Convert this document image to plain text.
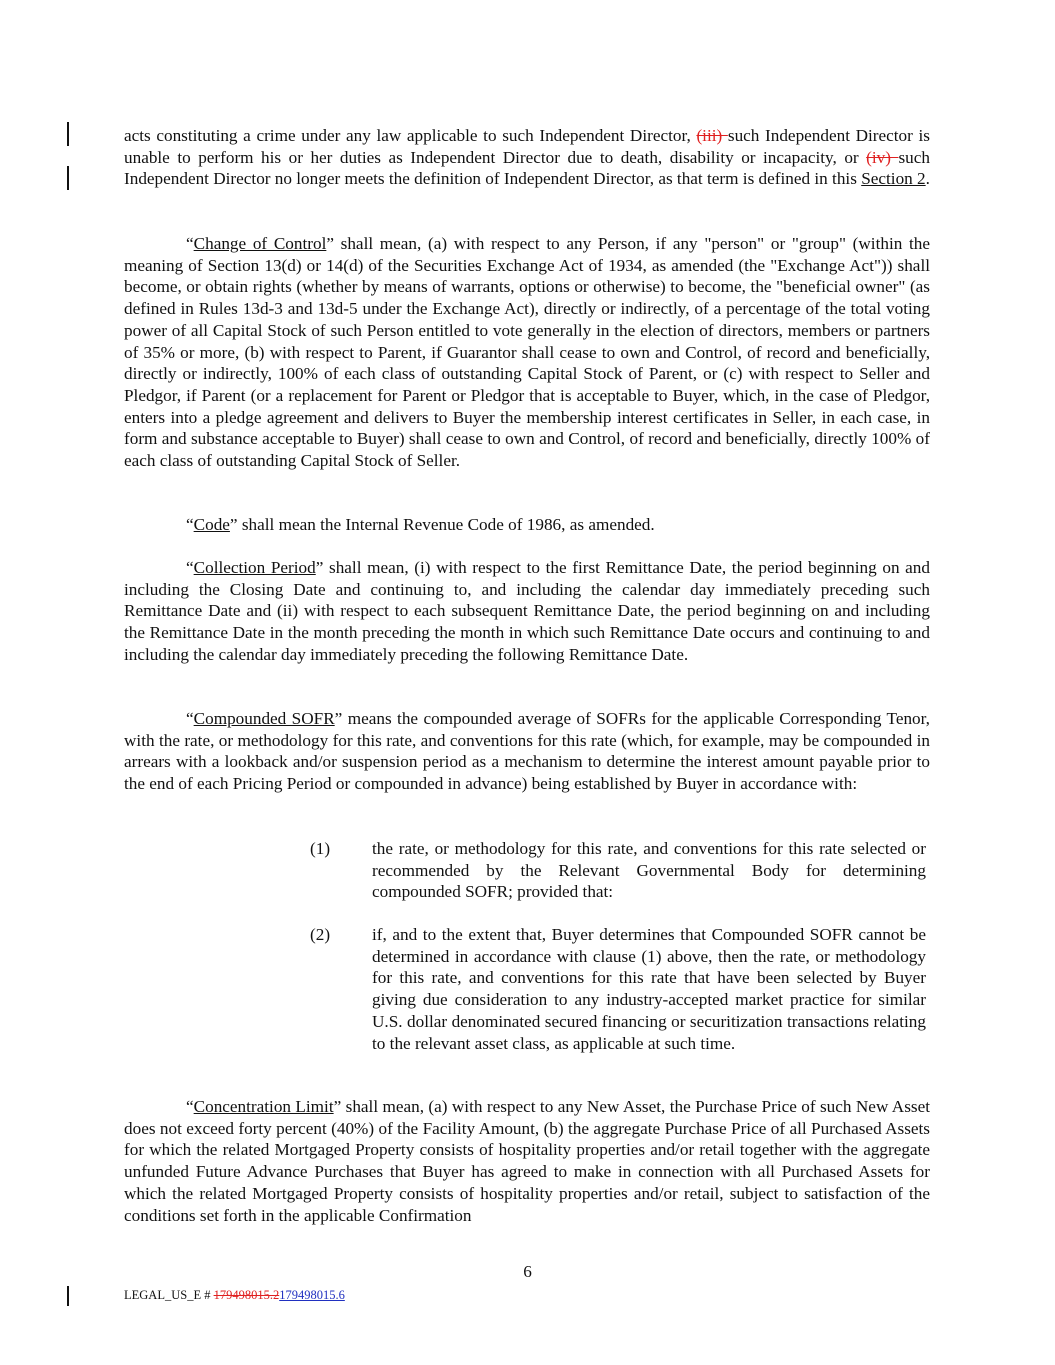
acts constituting a crime under any law applicable to such Independent Director, (iii) such Independent Director is unable to perform his or her duties as Independent Director due to death, disability or incapacity, or (iv) such Independent Director no longer meets the definition of Independent Director, as that term is defined in this Section 2.

“Change of Control” shall mean, (a) with respect to any Person, if any "person" or "group" (within the meaning of Section 13(d) or 14(d) of the Securities Exchange Act of 1934, as amended (the "Exchange Act")) shall become, or obtain rights (whether by means of warrants, options or otherwise) to become, the "beneficial owner" (as defined in Rules 13d-3 and 13d-5 under the Exchange Act), directly or indirectly, of a percentage of the total voting power of all Capital Stock of such Person entitled to vote generally in the election of directors, members or partners of 35% or more, (b) with respect to Parent, if Guarantor shall cease to own and Control, of record and beneficially, directly or indirectly, 100% of each class of outstanding Capital Stock of Parent, or (c) with respect to Seller and Pledgor, if Parent (or a replacement for Parent or Pledgor that is acceptable to Buyer, which, in the case of Pledgor, enters into a pledge agreement and delivers to Buyer the membership interest certificates in Seller, in each case, in form and substance acceptable to Buyer) shall cease to own and Control, of record and beneficially, directly 100% of each class of outstanding Capital Stock of Seller.

“Code” shall mean the Internal Revenue Code of 1986, as amended.

“Collection Period” shall mean, (i) with respect to the first Remittance Date, the period beginning on and including the Closing Date and continuing to, and including the calendar day immediately preceding such Remittance Date and (ii) with respect to each subsequent Remittance Date, the period beginning on and including the Remittance Date in the month preceding the month in which such Remittance Date occurs and continuing to and including the calendar day immediately preceding the following Remittance Date.

“Compounded SOFR” means the compounded average of SOFRs for the applicable Corresponding Tenor, with the rate, or methodology for this rate, and conventions for this rate (which, for example, may be compounded in arrears with a lookback and/or suspension period as a mechanism to determine the interest amount payable prior to the end of each Pricing Period or compounded in advance) being established by Buyer in accordance with:

(1) the rate, or methodology for this rate, and conventions for this rate selected or recommended by the Relevant Governmental Body for determining compounded SOFR; provided that:

(2) if, and to the extent that, Buyer determines that Compounded SOFR cannot be determined in accordance with clause (1) above, then the rate, or methodology for this rate, and conventions for this rate that have been selected by Buyer giving due consideration to any industry-accepted market practice for similar U.S. dollar denominated secured financing or securitization transactions relating to the relevant asset class, as applicable at such time.

“Concentration Limit” shall mean, (a) with respect to any New Asset, the Purchase Price of such New Asset does not exceed forty percent (40%) of the Facility Amount, (b) the aggregate Purchase Price of all Purchased Assets for which the related Mortgaged Property consists of hospitality properties and/or retail together with the aggregate unfunded Future Advance Purchases that Buyer has agreed to make in connection with all Purchased Assets for which the related Mortgaged Property consists of hospitality properties and/or retail, subject to satisfaction of the conditions set forth in the applicable Confirmation

6
LEGAL_US_E # 179498015.2179498015.6
